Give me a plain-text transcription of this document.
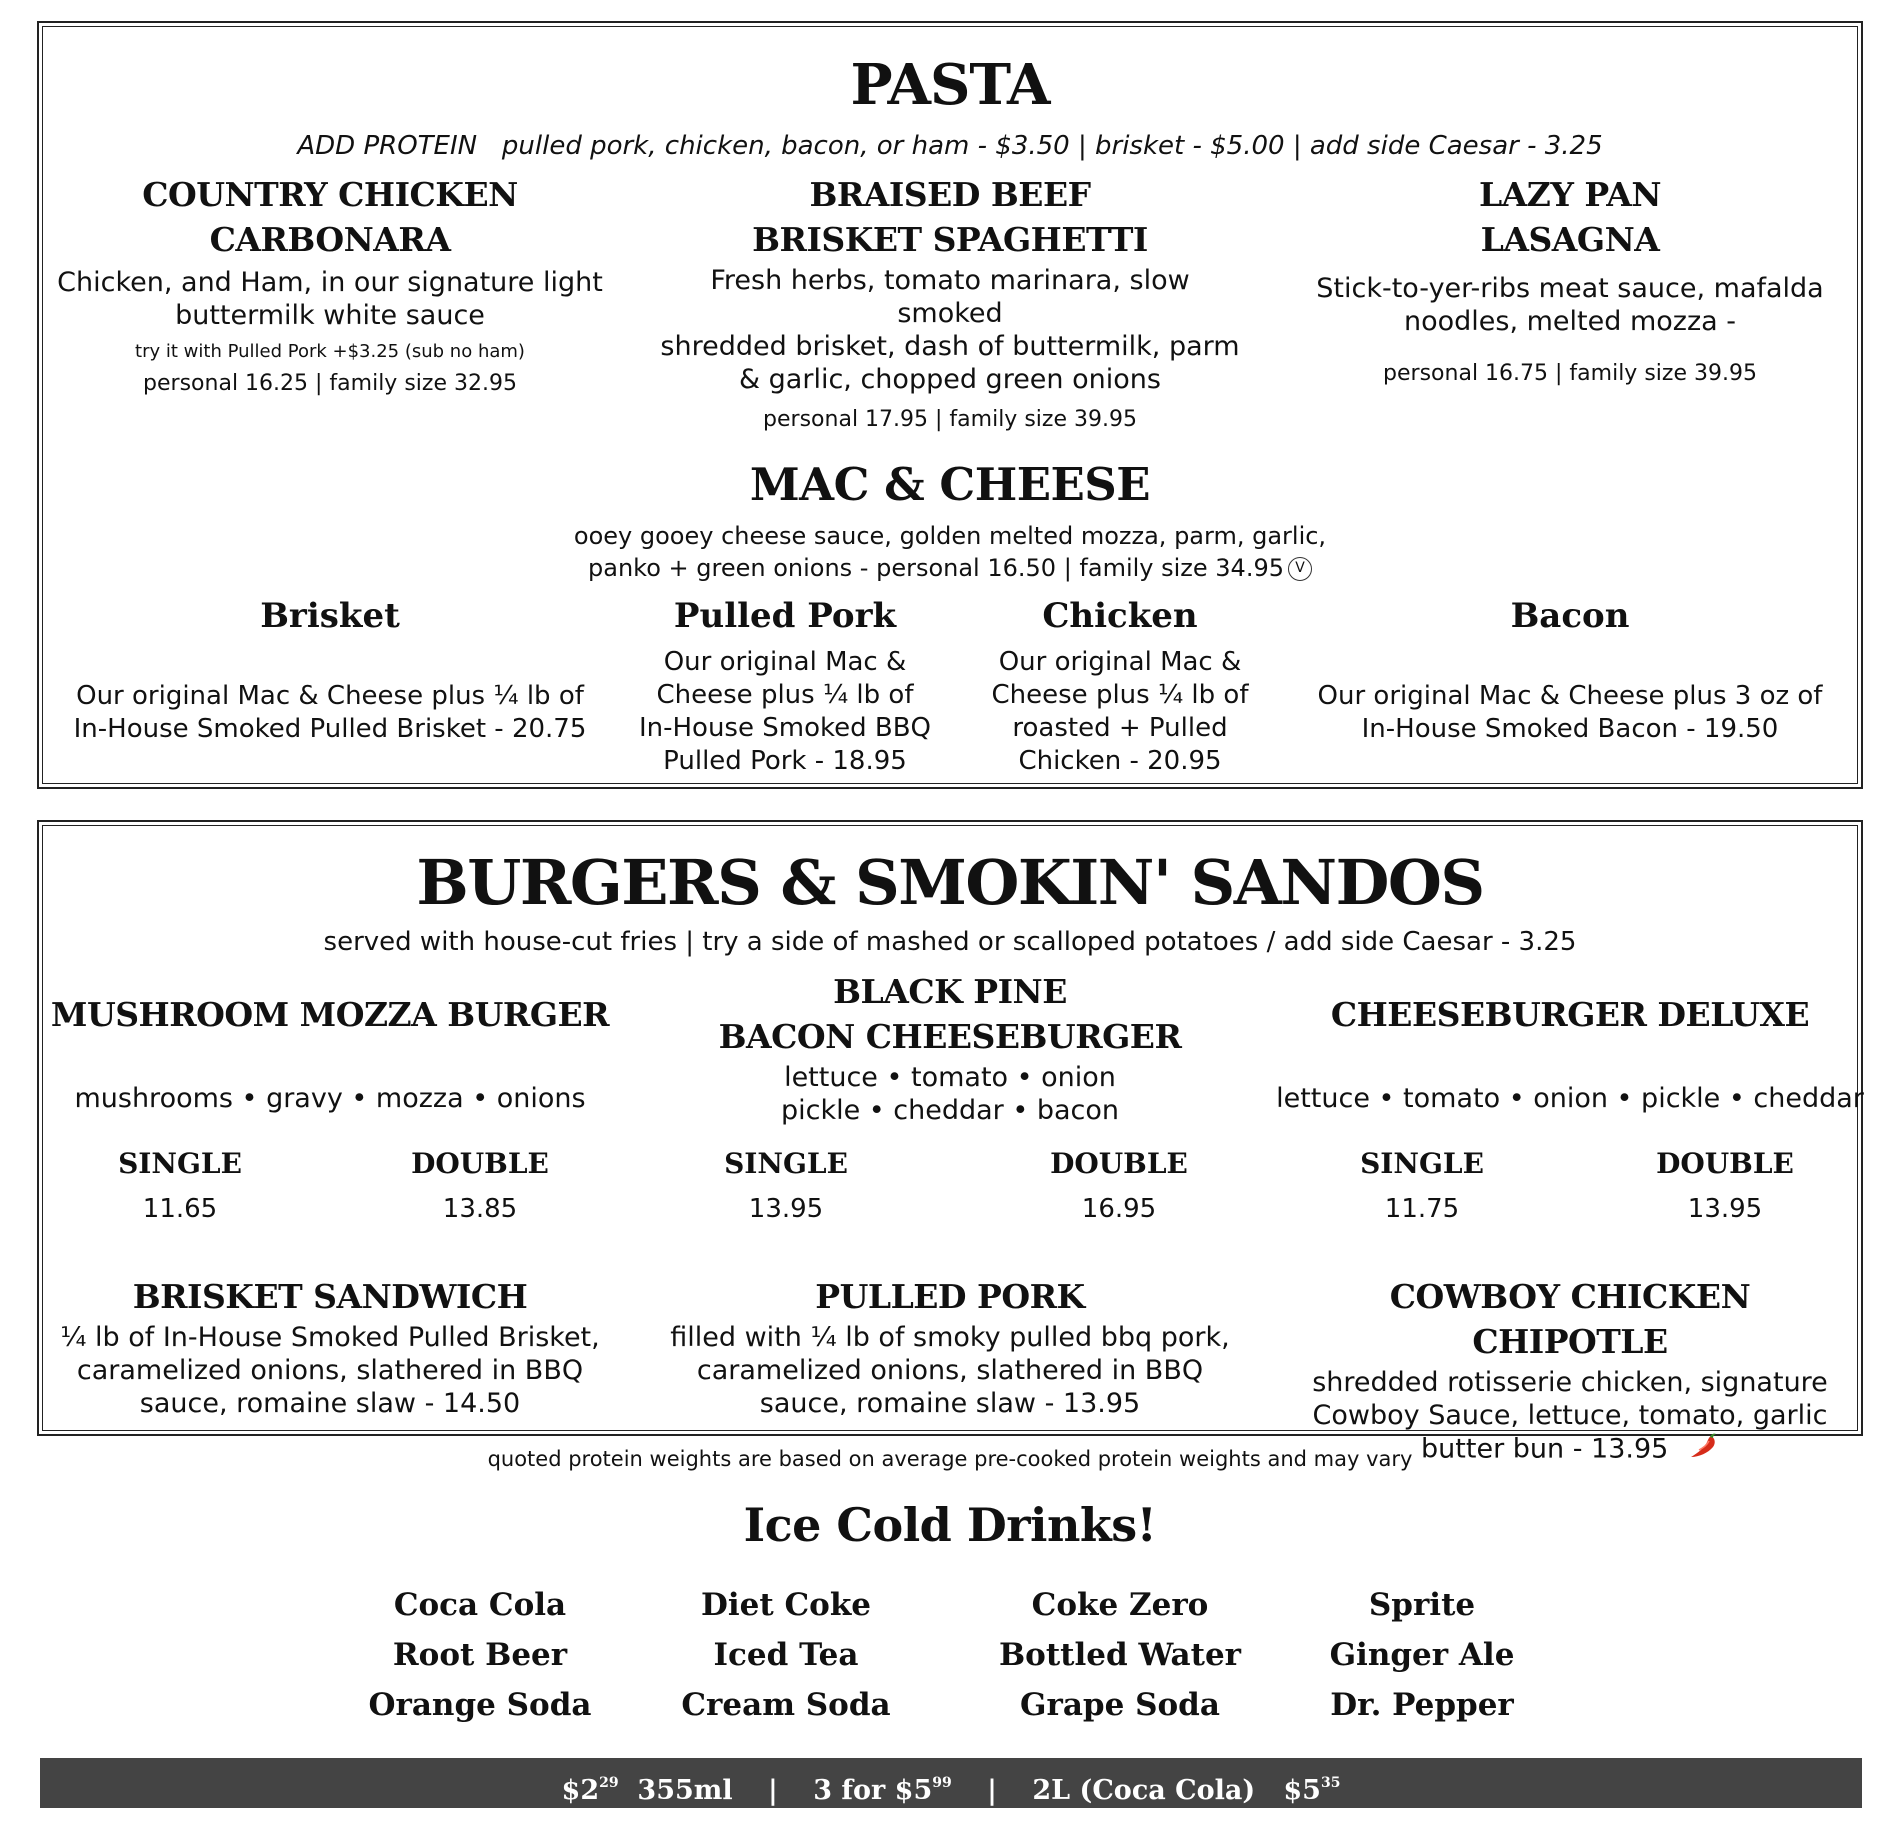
PASTA
ADD PROTEIN pulled pork, chicken, bacon, or ham - $3.50 | brisket - $5.00 | add side Caesar - 3.25
COUNTRY CHICKEN
CARBONARA
Chicken, and Ham, in our signature light
buttermilk white sauce
try it with Pulled Pork +$3.25 (sub no ham)
personal 16.25 | family size 32.95
BRAISED BEEF
BRISKET SPAGHETTI
Fresh herbs, tomato marinara, slow smoked
shredded brisket, dash of buttermilk, parm
& garlic, chopped green onions
personal 17.95 | family size 39.95
LAZY PAN
LASAGNA
Stick-to-yer-ribs meat sauce, mafalda
noodles, melted mozza -
personal 16.75 | family size 39.95
MAC & CHEESE
ooey gooey cheese sauce, golden melted mozza, parm, garlic,
panko + green onions - personal 16.50 | family size 34.95 V
Brisket
Our original Mac & Cheese plus ¼ lb of
In-House Smoked Pulled Brisket - 20.75
Pulled Pork
Our original Mac &
Cheese plus ¼ lb of
In-House Smoked BBQ
Pulled Pork - 18.95
Chicken
Our original Mac &
Cheese plus ¼ lb of
roasted + Pulled
Chicken - 20.95
Bacon
Our original Mac & Cheese plus 3 oz of
In-House Smoked Bacon - 19.50
BURGERS & SMOKIN' SANDOS
served with house-cut fries | try a side of mashed or scalloped potatoes / add side Caesar - 3.25
MUSHROOM MOZZA BURGER
mushrooms • gravy • mozza • onions
BLACK PINE
BACON CHEESEBURGER
lettuce • tomato • onion
pickle • cheddar • bacon
CHEESEBURGER DELUXE
lettuce • tomato • onion • pickle • cheddar
SINGLE	DOUBLE
11.65	13.85
SINGLE	DOUBLE
13.95	16.95
SINGLE	DOUBLE
11.75	13.95
BRISKET SANDWICH
¼ lb of In-House Smoked Pulled Brisket,
caramelized onions, slathered in BBQ
sauce, romaine slaw - 14.50
PULLED PORK
filled with ¼ lb of smoky pulled bbq pork,
caramelized onions, slathered in BBQ
sauce, romaine slaw - 13.95
COWBOY CHICKEN CHIPOTLE
shredded rotisserie chicken, signature
Cowboy Sauce, lettuce, tomato, garlic
butter bun - 13.95
quoted protein weights are based on average pre-cooked protein weights and may vary
Ice Cold Drinks!
Coca Cola
Root Beer
Orange Soda
Diet Coke
Iced Tea
Cream Soda
Coke Zero
Bottled Water
Grape Soda
Sprite
Ginger Ale
Dr. Pepper
$\$2^{29}$ 355ml | 3 for $\$5^{99}$ | 2L (Coca Cola) $\$5^{35}$
